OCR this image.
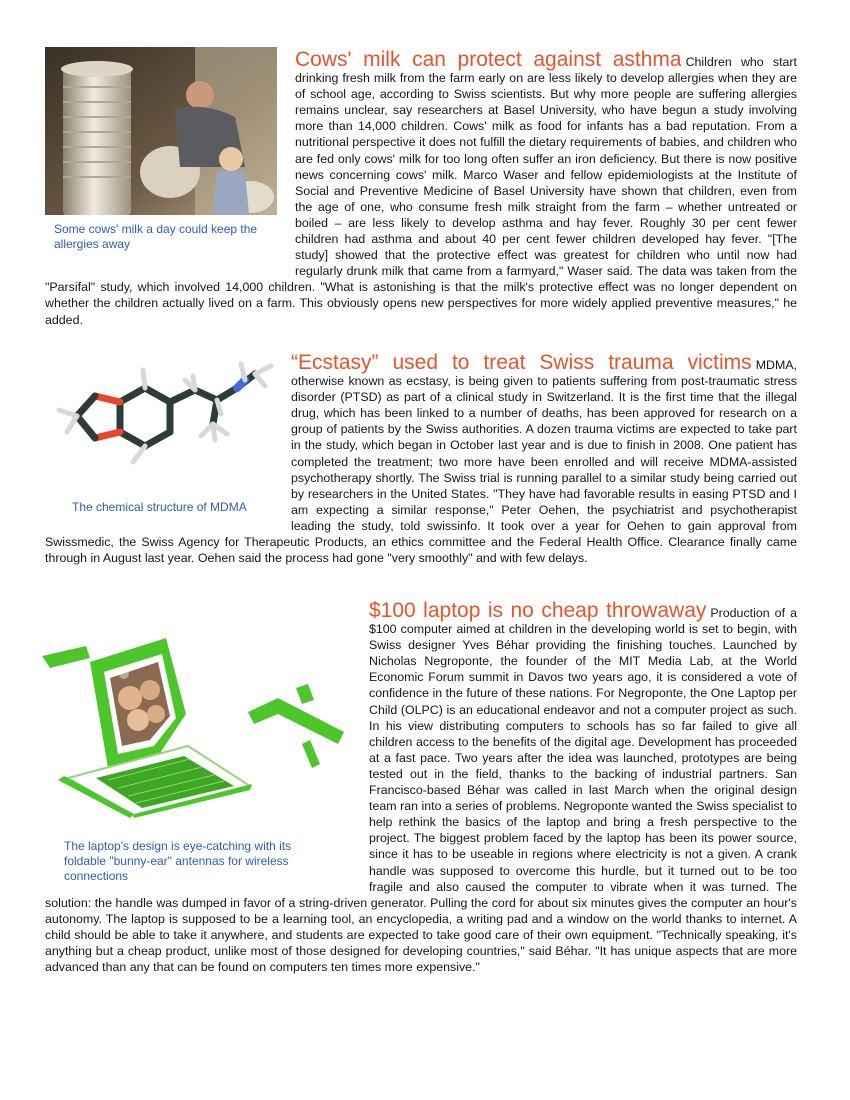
Cows' milk can protect against asthma Children who start drinking fresh milk from the farm early on are less likely to develop allergies when they are of school age, according to Swiss scientists. But why more people are suffering allergies remains unclear, say researchers at Basel University, who have begun a study involving more than 14,000 children. Cows' milk as food for infants has a bad reputation. From a nutritional perspective it does not fulfill the dietary requirements of babies, and children who are fed only cows' milk for too long often suffer an iron deficiency. But there is now positive news concerning cows' milk. Marco Waser and fellow epidemiologists at the Institute of Social and Preventive Medicine of Basel University have shown that children, even from the age of one, who consume fresh milk straight from the farm – whether untreated or boiled – are less likely to develop asthma and hay fever. Roughly 30 per cent fewer children had asthma and about 40 per cent fewer children developed hay fever. "[The study] showed that the protective effect was greatest for children who until now had regularly drunk milk that came from a farmyard," Waser said. The data was taken from the "Parsifal" study, which involved 14,000 children. "What is astonishing is that the milk's protective effect was no longer dependent on whether the children actually lived on a farm. This obviously opens new perspectives for more widely applied preventive measures," he added.

Some cows' milk a day could keep the allergies away

“Ecstasy” used to treat Swiss trauma victims MDMA, otherwise known as ecstasy, is being given to patients suffering from post-traumatic stress disorder (PTSD) as part of a clinical study in Switzerland. It is the first time that the illegal drug, which has been linked to a number of deaths, has been approved for research on a group of patients by the Swiss authorities. A dozen trauma victims are expected to take part in the study, which began in October last year and is due to finish in 2008. One patient has completed the treatment; two more have been enrolled and will receive MDMA-assisted psychotherapy shortly. The Swiss trial is running parallel to a similar study being carried out by researchers in the United States. "They have had favorable results in easing PTSD and I am expecting a similar response," Peter Oehen, the psychiatrist and psychotherapist leading the study, told swissinfo. It took over a year for Oehen to gain approval from Swissmedic, the Swiss Agency for Therapeutic Products, an ethics committee and the Federal Health Office. Clearance finally came through in August last year. Oehen said the process had gone "very smoothly" and with few delays.

The chemical structure of MDMA

$100 laptop is no cheap throwaway Production of a $100 computer aimed at children in the developing world is set to begin, with Swiss designer Yves Béhar providing the finishing touches. Launched by Nicholas Negroponte, the founder of the MIT Media Lab, at the World Economic Forum summit in Davos two years ago, it is considered a vote of confidence in the future of these nations. For Negroponte, the One Laptop per Child (OLPC) is an educational endeavor and not a computer project as such. In his view distributing computers to schools has so far failed to give all children access to the benefits of the digital age. Development has proceeded at a fast pace. Two years after the idea was launched, prototypes are being tested out in the field, thanks to the backing of industrial partners. San Francisco-based Béhar was called in last March when the original design team ran into a series of problems. Negroponte wanted the Swiss specialist to help rethink the basics of the laptop and bring a fresh perspective to the project. The biggest problem faced by the laptop has been its power source, since it has to be useable in regions where electricity is not a given. A crank handle was supposed to overcome this hurdle, but it turned out to be too fragile and also caused the computer to vibrate when it was turned. The solution: the handle was dumped in favor of a string-driven generator. Pulling the cord for about six minutes gives the computer an hour's autonomy. The laptop is supposed to be a learning tool, an encyclopedia, a writing pad and a window on the world thanks to internet. A child should be able to take it anywhere, and students are expected to take good care of their own equipment. "Technically speaking, it's anything but a cheap product, unlike most of those designed for developing countries," said Béhar. "It has unique aspects that are more advanced than any that can be found on computers ten times more expensive."

The laptop's design is eye-catching with its foldable "bunny-ear" antennas for wireless connections
